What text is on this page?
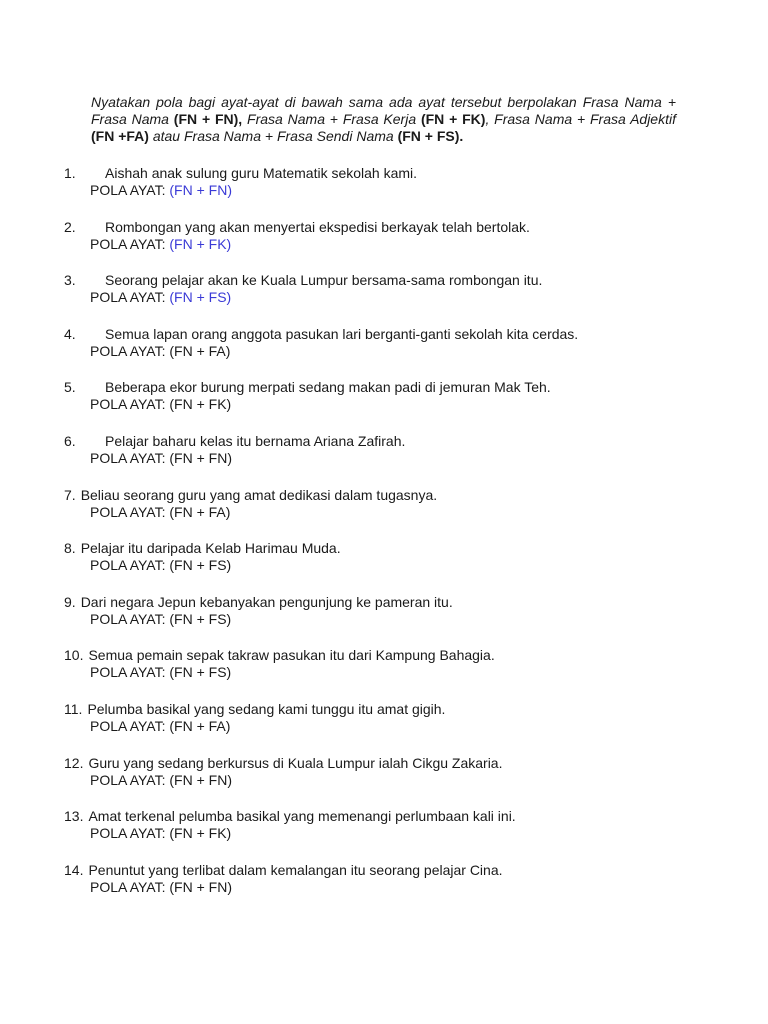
Nyatakan pola bagi ayat-ayat di bawah sama ada ayat tersebut berpolakan Frasa Nama + Frasa Nama (FN + FN), Frasa Nama + Frasa Kerja (FN + FK), Frasa Nama + Frasa Adjektif (FN +FA) atau Frasa Nama + Frasa Sendi Nama (FN + FS).
1. Aishah anak sulung guru Matematik sekolah kami.
POLA AYAT: (FN + FN)
2. Rombongan yang akan menyertai ekspedisi berkayak telah bertolak.
POLA AYAT: (FN + FK)
3. Seorang pelajar akan ke Kuala Lumpur bersama-sama rombongan itu.
POLA AYAT: (FN + FS)
4. Semua lapan orang anggota pasukan lari berganti-ganti sekolah kita cerdas.
POLA AYAT: (FN + FA)
5. Beberapa ekor burung merpati sedang makan padi di jemuran Mak Teh.
POLA AYAT: (FN + FK)
6. Pelajar baharu kelas itu bernama Ariana Zafirah.
POLA AYAT: (FN + FN)
7. Beliau seorang guru yang amat dedikasi dalam tugasnya.
POLA AYAT: (FN + FA)
8. Pelajar itu daripada Kelab Harimau Muda.
POLA AYAT: (FN + FS)
9. Dari negara Jepun kebanyakan pengunjung ke pameran itu.
POLA AYAT: (FN + FS)
10. Semua pemain sepak takraw pasukan itu dari Kampung Bahagia.
POLA AYAT: (FN + FS)
11. Pelumba basikal yang sedang kami tunggu itu amat gigih.
POLA AYAT: (FN + FA)
12. Guru yang sedang berkursus di Kuala Lumpur ialah Cikgu Zakaria.
POLA AYAT: (FN + FN)
13. Amat terkenal pelumba basikal yang memenangi perlumbaan kali ini.
POLA AYAT: (FN + FK)
14. Penuntut yang terlibat dalam kemalangan itu seorang pelajar Cina.
POLA AYAT: (FN + FN)
